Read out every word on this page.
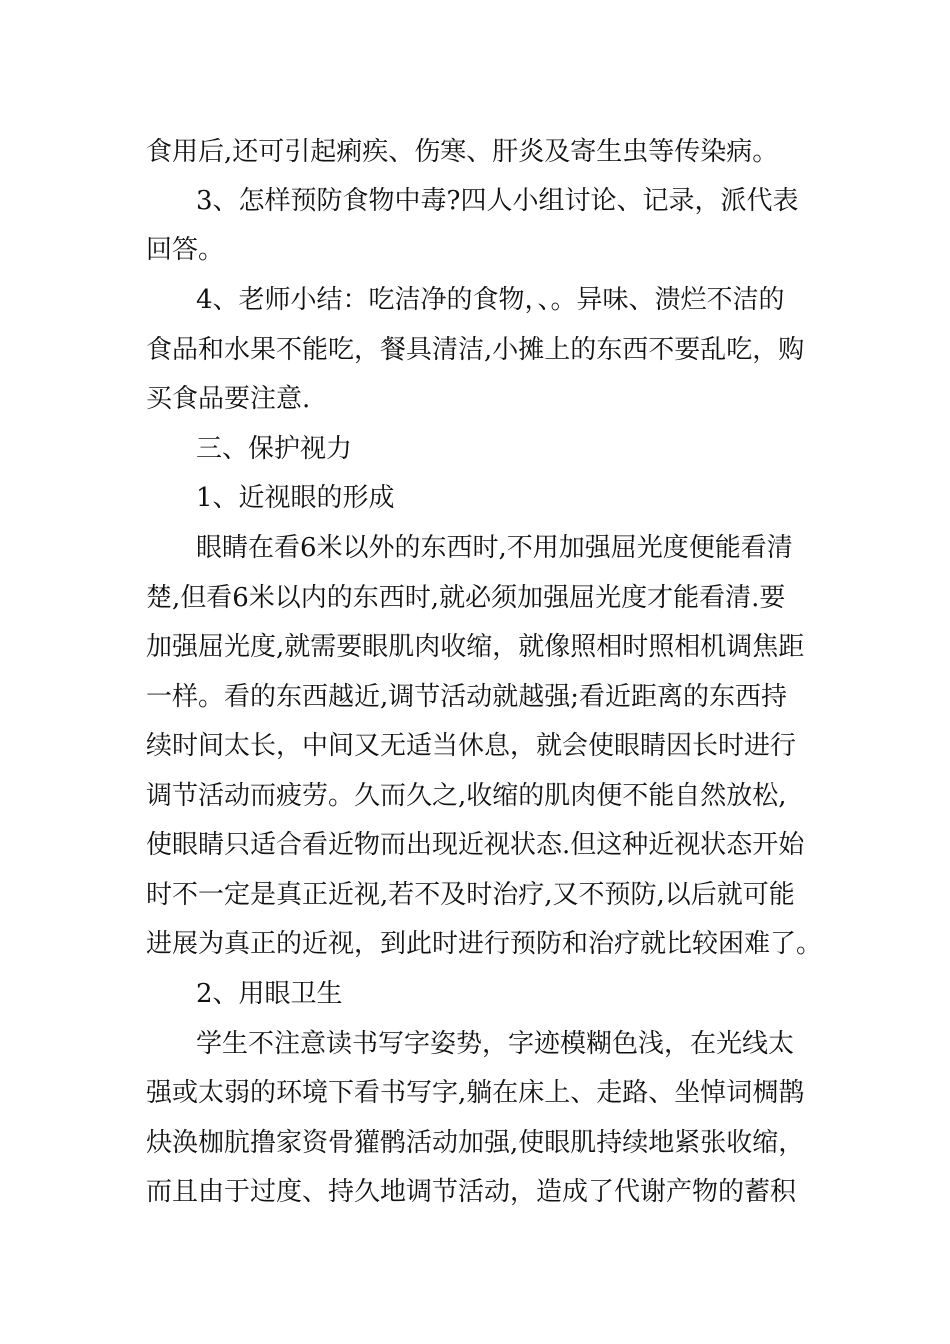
食用后,还可引起痢疾、伤寒、肝炎及寄生虫等传染病。
3、怎样预防食物中毒?四人小组讨论、记录，派代表
回答。
4、老师小结：吃洁净的食物，、。异味、溃烂不洁的
食品和水果不能吃，餐具清洁,小摊上的东西不要乱吃，购
买食品要注意.
三、保护视力
1、近视眼的形成
眼睛在看6米以外的东西时,不用加强屈光度便能看清
楚,但看6米以内的东西时,就必须加强屈光度才能看清.要
加强屈光度,就需要眼肌肉收缩，就像照相时照相机调焦距
一样。看的东西越近,调节活动就越强;看近距离的东西持
续时间太长，中间又无适当休息，就会使眼睛因长时进行
调节活动而疲劳。久而久之,收缩的肌肉便不能自然放松,
使眼睛只适合看近物而出现近视状态.但这种近视状态开始
时不一定是真正近视,若不及时治疗,又不预防,以后就可能
进展为真正的近视，到此时进行预防和治疗就比较困难了。
2、用眼卫生
学生不注意读书写字姿势，字迹模糊色浅，在光线太
强或太弱的环境下看书写字,躺在床上、走路、坐悼词椆鹊
炔涣枷肮撸家资骨獾鹘活动加强,使眼肌持续地紧张收缩，
而且由于过度、持久地调节活动，造成了代谢产物的蓄积
